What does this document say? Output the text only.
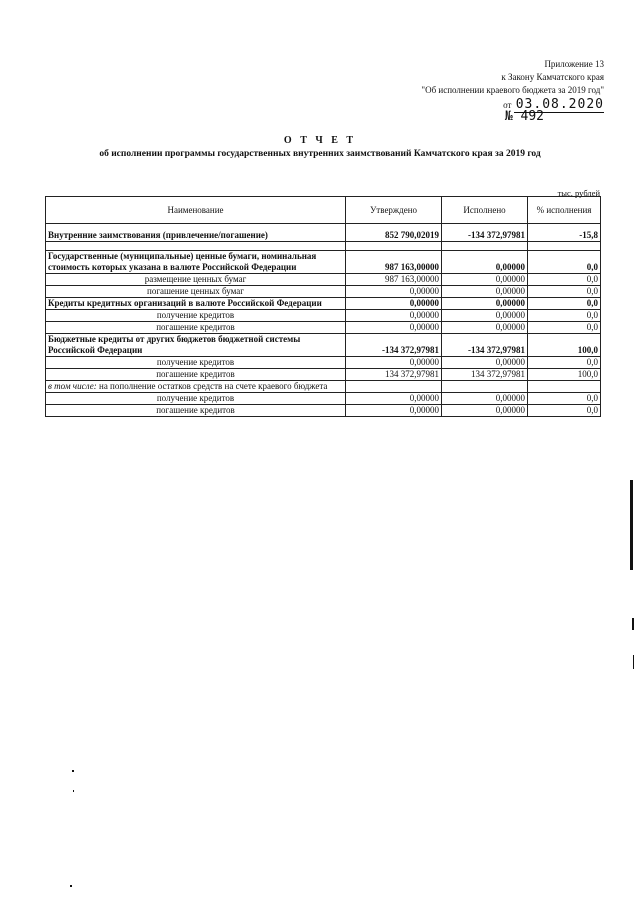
Приложение 13
к Закону Камчатского края
"Об исполнении краевого бюджета за 2019 год"
от 03.08.2020
№ 492
О Т Ч Е Т
об исполнении программы государственных внутренних заимствований Камчатского края за 2019 год
тыс. рублей
Наименование	Утверждено	Исполнено	% исполнения
Внутренние заимствования (привлечение/погашение)	852 790,02019	-134 372,97981	-15,8

Государственные (муниципальные) ценные бумаги, номинальная стоимость которых указана в валюте Российской Федерации	987 163,00000	0,00000	0,0
размещение ценных бумаг	987 163,00000	0,00000	0,0
погашение ценных бумаг	0,00000	0,00000	0,0
Кредиты кредитных организаций в валюте Российской Федерации	0,00000	0,00000	0,0
получение кредитов	0,00000	0,00000	0,0
погашение кредитов	0,00000	0,00000	0,0
Бюджетные кредиты от других бюджетов бюджетной системы Российской Федерации	-134 372,97981	-134 372,97981	100,0
получение кредитов	0,00000	0,00000	0,0
погашение кредитов	134 372,97981	134 372,97981	100,0
в том числе: на пополнение остатков средств на счете краевого бюджета			
получение кредитов	0,00000	0,00000	0,0
погашение кредитов	0,00000	0,00000	0,0
